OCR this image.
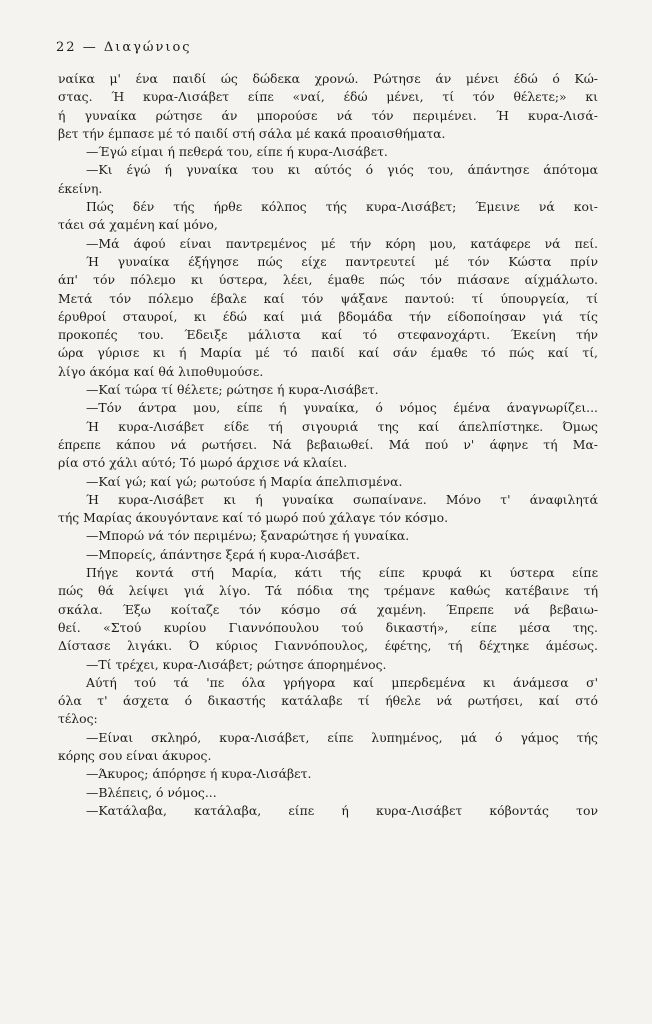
22 — Διαγώνιος
ναίκα μ' ένα παιδί ώς δώδεκα χρονώ. Ρώτησε άν μένει έδώ ό Κώ-
στας. Ή κυρα-Λισάβετ είπε «ναί, έδώ μένει, τί τόν θέλετε;» κι
ή γυναίκα ρώτησε άν μπορούσε νά τόν περιμένει. Ή κυρα-Λισά-
βετ τήν έμπασε μέ τό παιδί στή σάλα μέ κακά προαισθήματα.
—Έγώ είμαι ή πεθερά του, είπε ή κυρα-Λισάβετ.
—Κι έγώ ή γυναίκα του κι αύτός ό γιός του, άπάντησε άπότομα
έκείνη.
Πώς δέν τής ήρθε κόλπος τής κυρα-Λισάβετ; Έμεινε νά κοι-
τάει σά χαμένη καί μόνο,
—Μά άφού είναι παντρεμένος μέ τήν κόρη μου, κατάφερε νά πεί.
Ή γυναίκα έξήγησε πώς είχε παντρευτεί μέ τόν Κώστα πρίν
άπ' τόν πόλεμο κι ύστερα, λέει, έμαθε πώς τόν πιάσανε αίχμάλωτο.
Μετά τόν πόλεμο έβαλε καί τόν ψάξανε παντού: τί ύπουργεία, τί
έρυθροί σταυροί, κι έδώ καί μιά βδομάδα τήν είδοποίησαν γιά τίς
προκοπές του. Έδειξε μάλιστα καί τό στεφανοχάρτι. Έκείνη τήν
ώρα γύρισε κι ή Μαρία μέ τό παιδί καί σάν έμαθε τό πώς καί τί,
λίγο άκόμα καί θά λιποθυμούσε.
—Καί τώρα τί θέλετε; ρώτησε ή κυρα-Λισάβετ.
—Τόν άντρα μου, είπε ή γυναίκα, ό νόμος έμένα άναγνωρίζει...
Ή κυρα-Λισάβετ είδε τή σιγουριά της καί άπελπίστηκε. Όμως
έπρεπε κάπου νά ρωτήσει. Νά βεβαιωθεί. Μά πού ν' άφηνε τή Μα-
ρία στό χάλι αύτό; Τό μωρό άρχισε νά κλαίει.
—Καί γώ; καί γώ; ρωτούσε ή Μαρία άπελπισμένα.
Ή κυρα-Λισάβετ κι ή γυναίκα σωπαίνανε. Μόνο τ' άναφιλητά
τής Μαρίας άκουγόντανε καί τό μωρό πού χάλαγε τόν κόσμο.
—Μπορώ νά τόν περιμένω; ξαναρώτησε ή γυναίκα.
—Μπορείς, άπάντησε ξερά ή κυρα-Λισάβετ.
Πήγε κοντά στή Μαρία, κάτι τής είπε κρυφά κι ύστερα είπε
πώς θά λείψει γιά λίγο. Τά πόδια της τρέμανε καθώς κατέβαινε τή
σκάλα. Έξω κοίταζε τόν κόσμο σά χαμένη. Έπρεπε νά βεβαιω-
θεί. «Στού κυρίου Γιαννόπουλου τού δικαστή», είπε μέσα της.
Δίστασε λιγάκι. Ό κύριος Γιαννόπουλος, έφέτης, τή δέχτηκε άμέσως.
—Τί τρέχει, κυρα-Λισάβετ; ρώτησε άπορημένος.
Αύτή τού τά 'πε όλα γρήγορα καί μπερδεμένα κι άνάμεσα σ'
όλα τ' άσχετα ό δικαστής κατάλαβε τί ήθελε νά ρωτήσει, καί στό
τέλος:
—Είναι σκληρό, κυρα-Λισάβετ, είπε λυπημένος, μά ό γάμος τής
κόρης σου είναι άκυρος.
—Άκυρος; άπόρησε ή κυρα-Λισάβετ.
—Βλέπεις, ό νόμος...
—Κατάλαβα, κατάλαβα, είπε ή κυρα-Λισάβετ κόβοντάς τον
